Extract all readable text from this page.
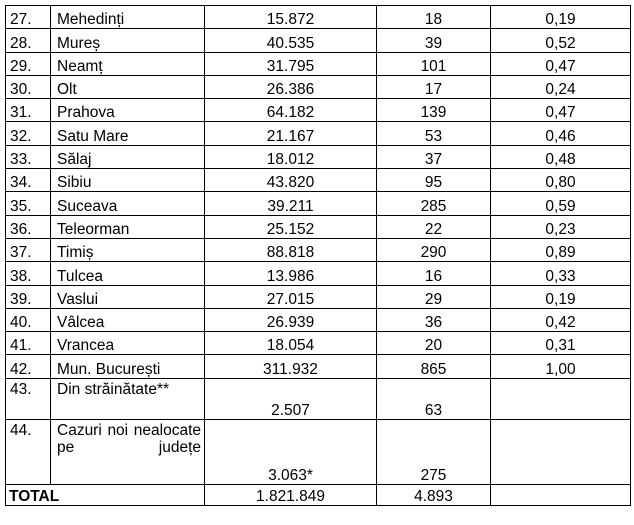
27.	Mehedinți	15.872	18	0,19
28.	Mureș	40.535	39	0,52
29.	Neamț	31.795	101	0,47
30.	Olt	26.386	17	0,24
31.	Prahova	64.182	139	0,47
32.	Satu Mare	21.167	53	0,46
33.	Sălaj	18.012	37	0,48
34.	Sibiu	43.820	95	0,80
35.	Suceava	39.211	285	0,59
36.	Teleorman	25.152	22	0,23
37.	Timiș	88.818	290	0,89
38.	Tulcea	13.986	16	0,33
39.	Vaslui	27.015	29	0,19
40.	Vâlcea	26.939	36	0,42
41.	Vrancea	18.054	20	0,31
42.	Mun. București	311.932	865	1,00
43.	Din străinătate**	2.507	63	
44.	Cazuri noi nealocate pe județe	3.063*	275	
TOTAL		1.821.849	4.893	
